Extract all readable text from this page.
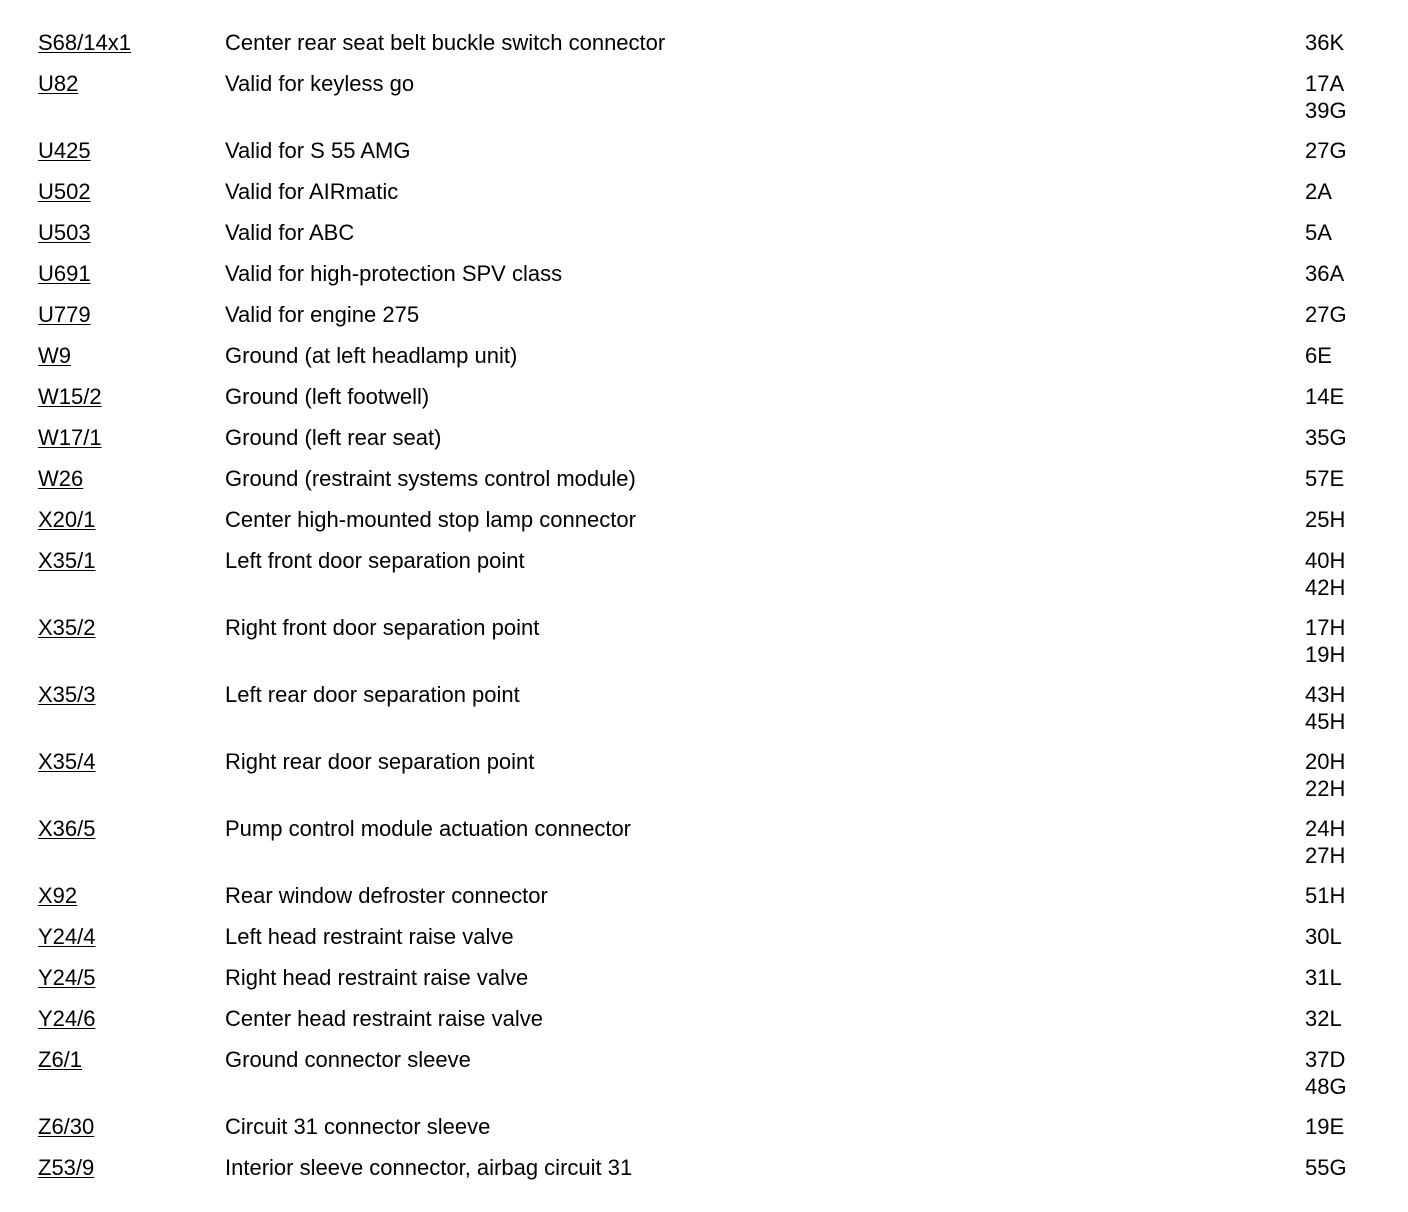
S68/14x1	Center rear seat belt buckle switch connector	36K
U82	Valid for keyless go	17A
39G
U425	Valid for S 55 AMG	27G
U502	Valid for AIRmatic	2A
U503	Valid for ABC	5A
U691	Valid for high-protection SPV class	36A
U779	Valid for engine 275	27G
W9	Ground (at left headlamp unit)	6E
W15/2	Ground (left footwell)	14E
W17/1	Ground (left rear seat)	35G
W26	Ground (restraint systems control module)	57E
X20/1	Center high-mounted stop lamp connector	25H
X35/1	Left front door separation point	40H
42H
X35/2	Right front door separation point	17H
19H
X35/3	Left rear door separation point	43H
45H
X35/4	Right rear door separation point	20H
22H
X36/5	Pump control module actuation connector	24H
27H
X92	Rear window defroster connector	51H
Y24/4	Left head restraint raise valve	30L
Y24/5	Right head restraint raise valve	31L
Y24/6	Center head restraint raise valve	32L
Z6/1	Ground connector sleeve	37D
48G
Z6/30	Circuit 31 connector sleeve	19E
Z53/9	Interior sleeve connector, airbag circuit 31	55G
